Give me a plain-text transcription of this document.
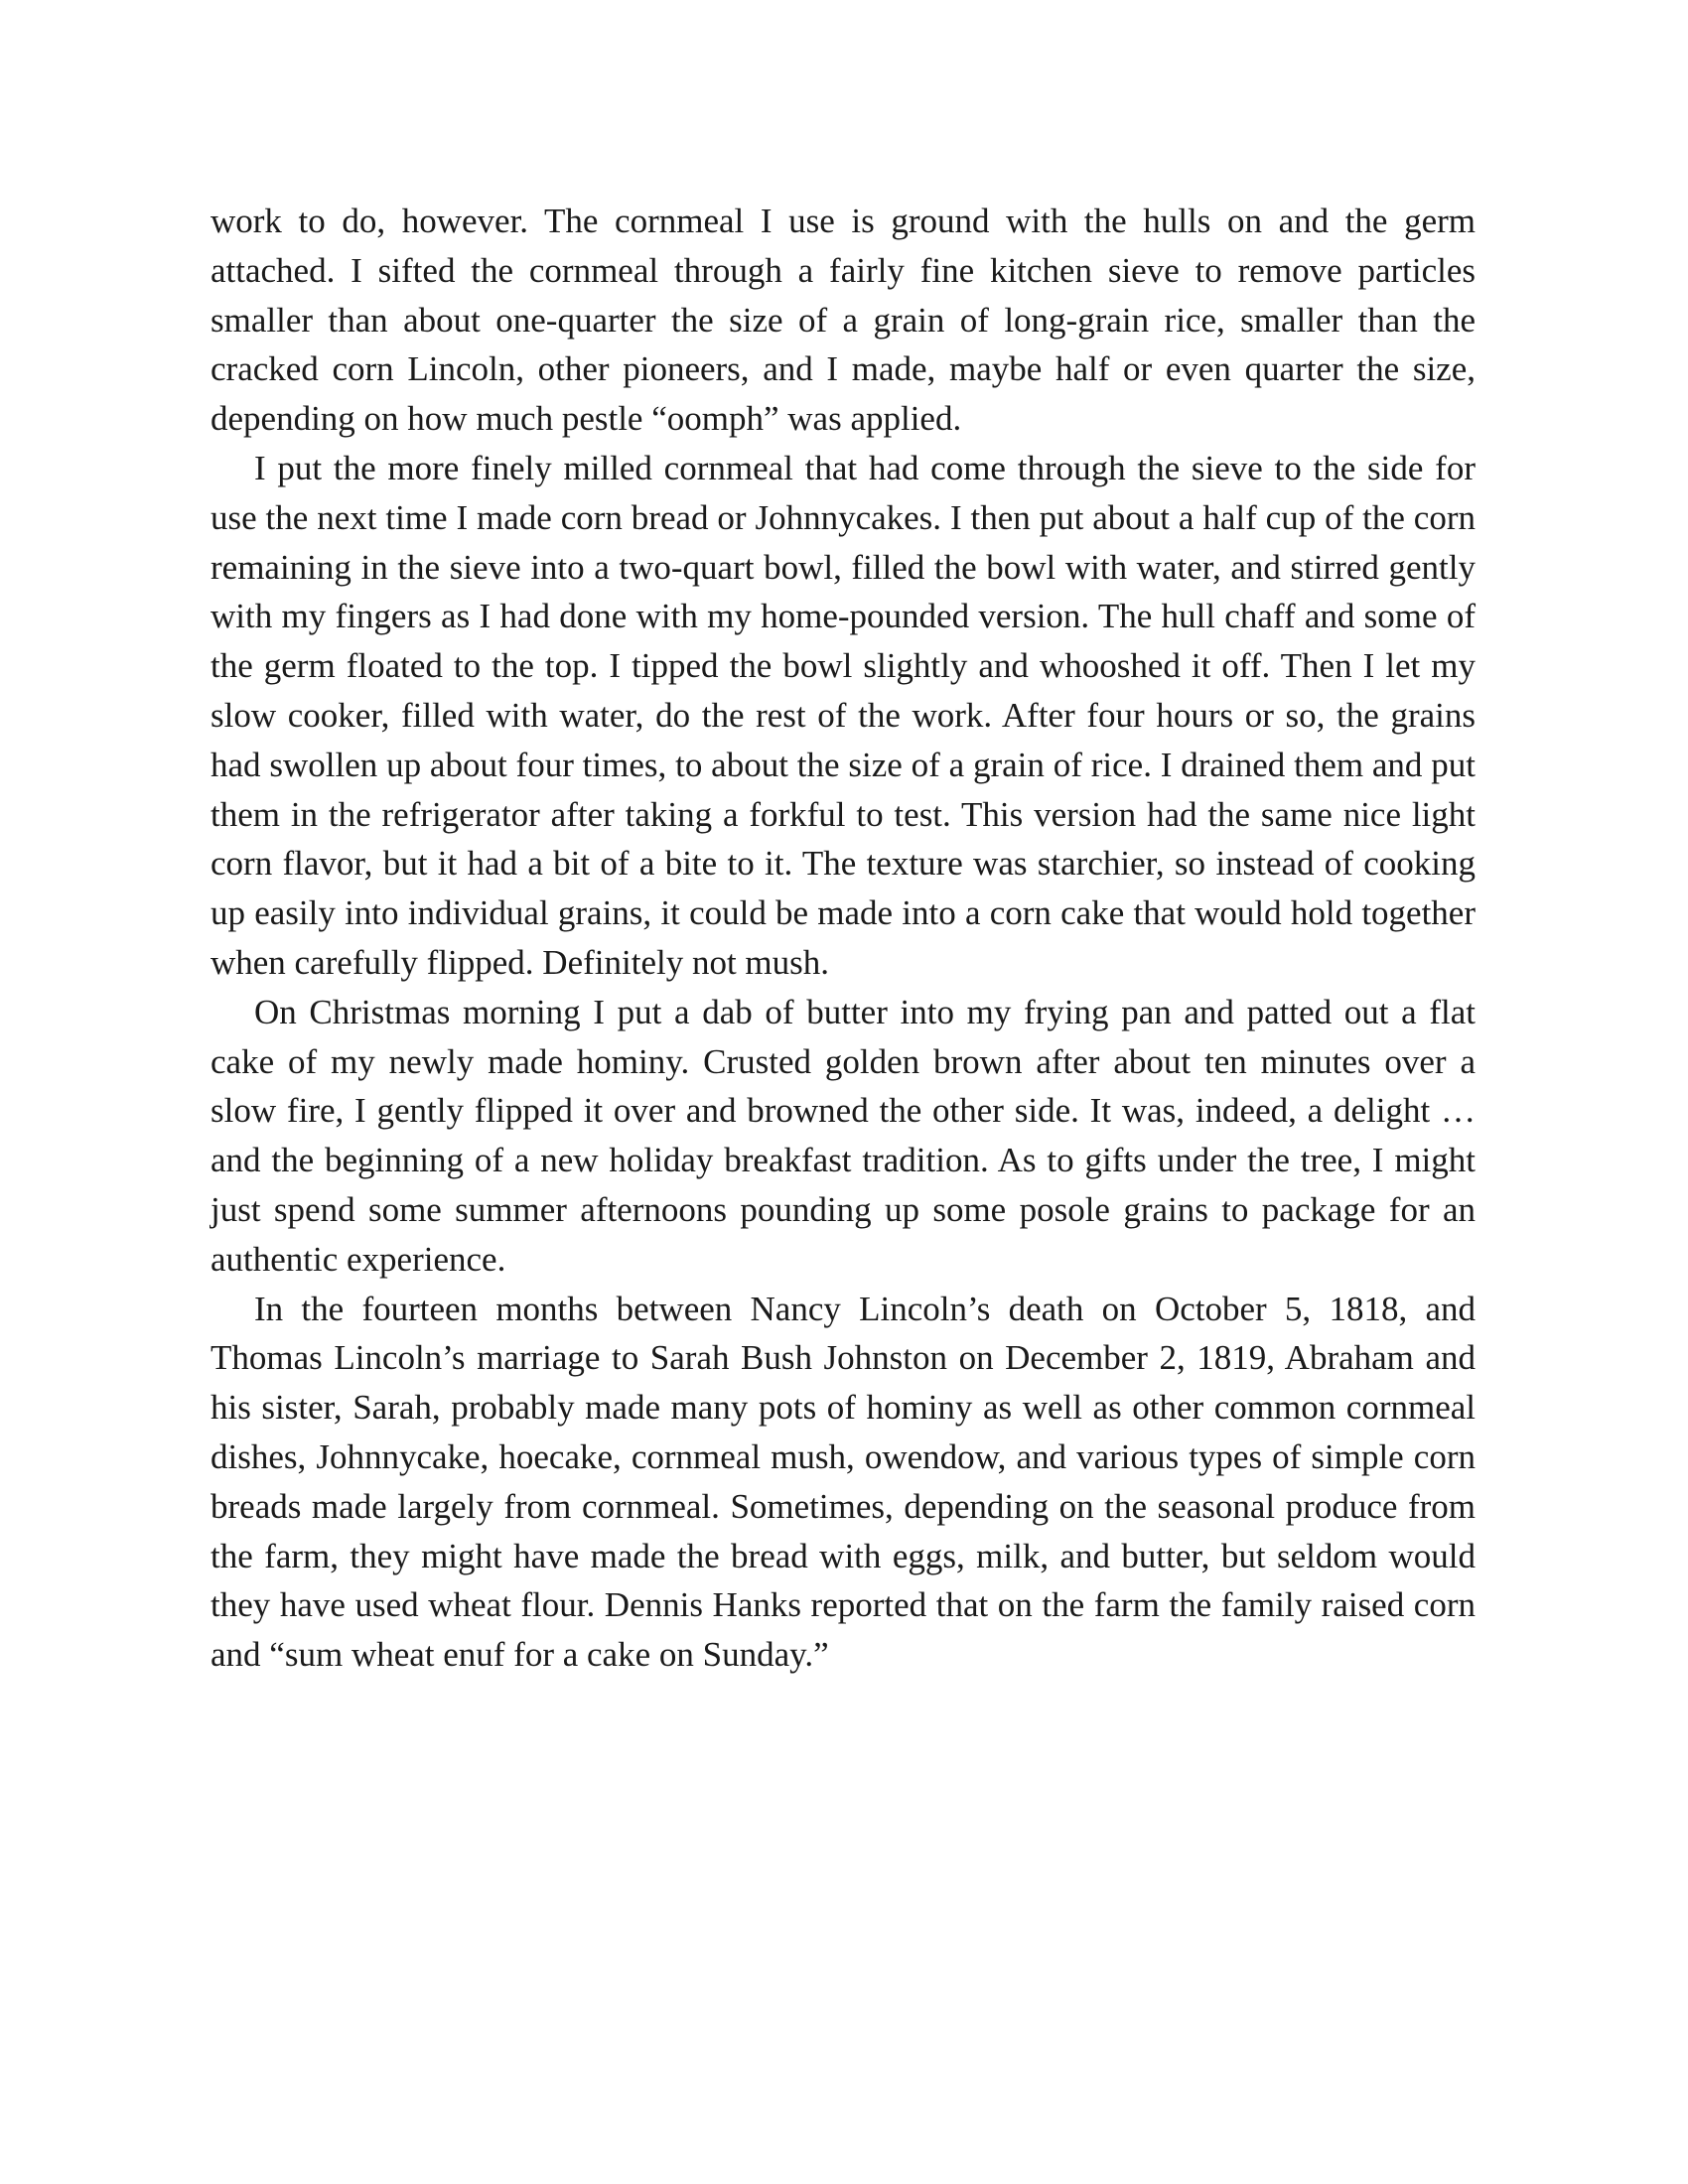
work to do, however. The cornmeal I use is ground with the hulls on and the germ attached. I sifted the cornmeal through a fairly fine kitchen sieve to remove particles smaller than about one-quarter the size of a grain of long-grain rice, smaller than the cracked corn Lincoln, other pioneers, and I made, maybe half or even quarter the size, depending on how much pestle “oomph” was applied.

I put the more finely milled cornmeal that had come through the sieve to the side for use the next time I made corn bread or Johnnycakes. I then put about a half cup of the corn remaining in the sieve into a two-quart bowl, filled the bowl with water, and stirred gently with my fingers as I had done with my home-pounded version. The hull chaff and some of the germ floated to the top. I tipped the bowl slightly and whooshed it off. Then I let my slow cooker, filled with water, do the rest of the work. After four hours or so, the grains had swollen up about four times, to about the size of a grain of rice. I drained them and put them in the refrigerator after taking a forkful to test. This version had the same nice light corn flavor, but it had a bit of a bite to it. The texture was starchier, so instead of cooking up easily into individual grains, it could be made into a corn cake that would hold together when carefully flipped. Definitely not mush.

On Christmas morning I put a dab of butter into my frying pan and patted out a flat cake of my newly made hominy. Crusted golden brown after about ten minutes over a slow fire, I gently flipped it over and browned the other side. It was, indeed, a delight … and the beginning of a new holiday breakfast tradition. As to gifts under the tree, I might just spend some summer afternoons pounding up some posole grains to package for an authentic experience.

In the fourteen months between Nancy Lincoln’s death on October 5, 1818, and Thomas Lincoln’s marriage to Sarah Bush Johnston on December 2, 1819, Abraham and his sister, Sarah, probably made many pots of hominy as well as other common cornmeal dishes, Johnnycake, hoecake, cornmeal mush, owendow, and various types of simple corn breads made largely from cornmeal. Sometimes, depending on the seasonal produce from the farm, they might have made the bread with eggs, milk, and butter, but seldom would they have used wheat flour. Dennis Hanks reported that on the farm the family raised corn and “sum wheat enuf for a cake on Sunday.”
